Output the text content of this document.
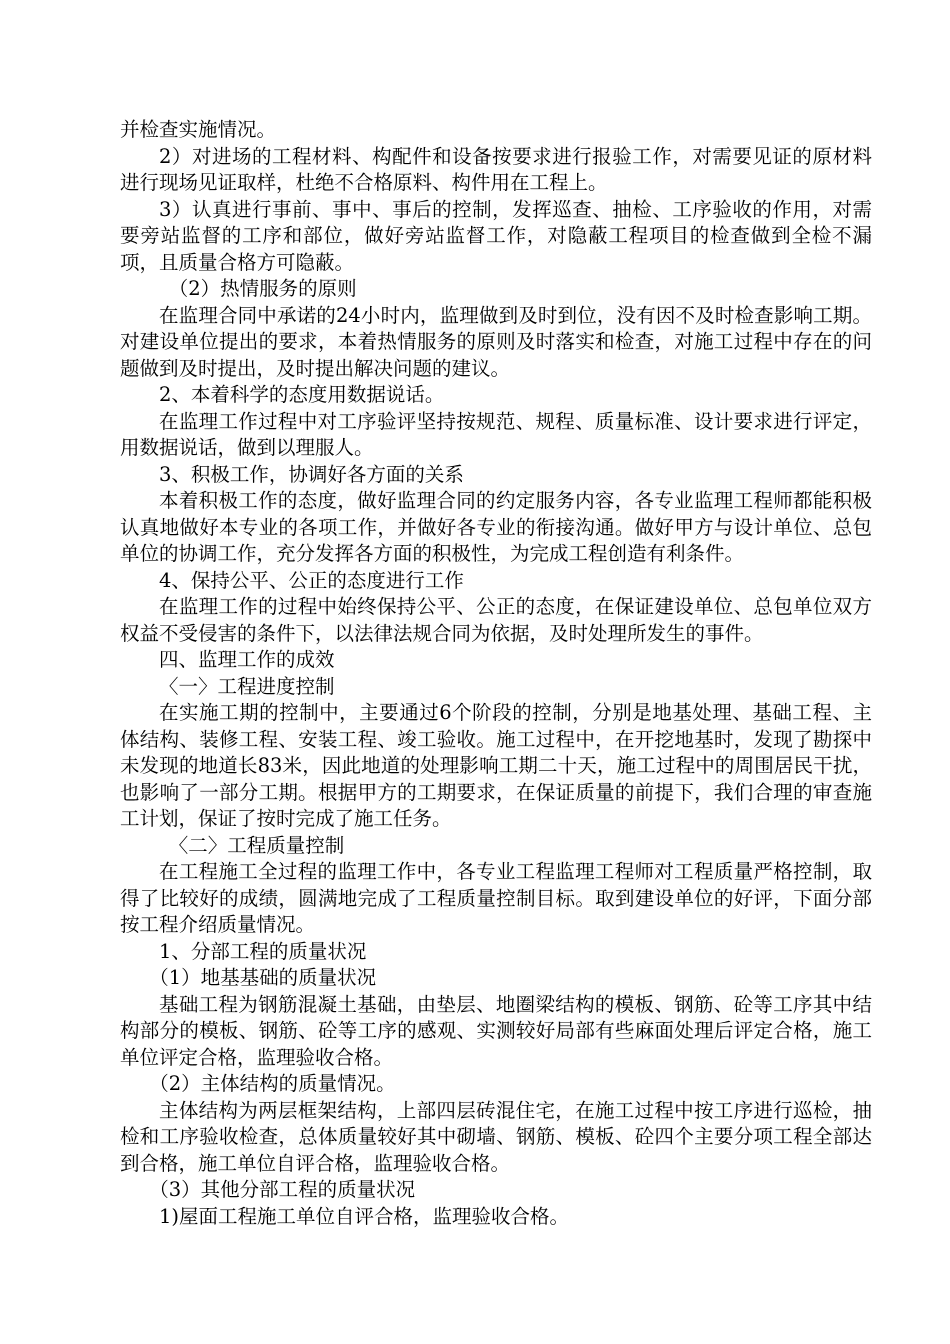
并检查实施情况。

2）对进场的工程材料、构配件和设备按要求进行报验工作，对需要见证的原材料进行现场见证取样，杜绝不合格原料、构件用在工程上。

3）认真进行事前、事中、事后的控制，发挥巡查、抽检、工序验收的作用，对需要旁站监督的工序和部位，做好旁站监督工作，对隐蔽工程项目的检查做到全检不漏项，且质量合格方可隐蔽。

（2）热情服务的原则

在监理合同中承诺的24小时内，监理做到及时到位，没有因不及时检查影响工期。对建设单位提出的要求，本着热情服务的原则及时落实和检查，对施工过程中存在的问题做到及时提出，及时提出解决问题的建议。

2、本着科学的态度用数据说话。

在监理工作过程中对工序验评坚持按规范、规程、质量标准、设计要求进行评定，用数据说话，做到以理服人。

3、积极工作，协调好各方面的关系

本着积极工作的态度，做好监理合同的约定服务内容，各专业监理工程师都能积极认真地做好本专业的各项工作，并做好各专业的衔接沟通。做好甲方与设计单位、总包单位的协调工作，充分发挥各方面的积极性，为完成工程创造有利条件。

4、保持公平、公正的态度进行工作

在监理工作的过程中始终保持公平、公正的态度，在保证建设单位、总包单位双方权益不受侵害的条件下，以法律法规合同为依据，及时处理所发生的事件。

四、监理工作的成效

〈一〉工程进度控制

在实施工期的控制中，主要通过6个阶段的控制，分别是地基处理、基础工程、主体结构、装修工程、安装工程、竣工验收。施工过程中，在开挖地基时，发现了勘探中未发现的地道长83米，因此地道的处理影响工期二十天，施工过程中的周围居民干扰，也影响了一部分工期。根据甲方的工期要求，在保证质量的前提下，我们合理的审查施工计划，保证了按时完成了施工任务。

〈二〉工程质量控制

在工程施工全过程的监理工作中，各专业工程监理工程师对工程质量严格控制，取得了比较好的成绩，圆满地完成了工程质量控制目标。取到建设单位的好评，下面分部按工程介绍质量情况。

1、分部工程的质量状况

（1）地基基础的质量状况

基础工程为钢筋混凝土基础，由垫层、地圈梁结构的模板、钢筋、砼等工序其中结构部分的模板、钢筋、砼等工序的感观、实测较好局部有些麻面处理后评定合格，施工单位评定合格，监理验收合格。

（2）主体结构的质量情况。

主体结构为两层框架结构，上部四层砖混住宅，在施工过程中按工序进行巡检，抽检和工序验收检查，总体质量较好其中砌墙、钢筋、模板、砼四个主要分项工程全部达到合格，施工单位自评合格，监理验收合格。

（3）其他分部工程的质量状况

1)屋面工程施工单位自评合格，监理验收合格。
